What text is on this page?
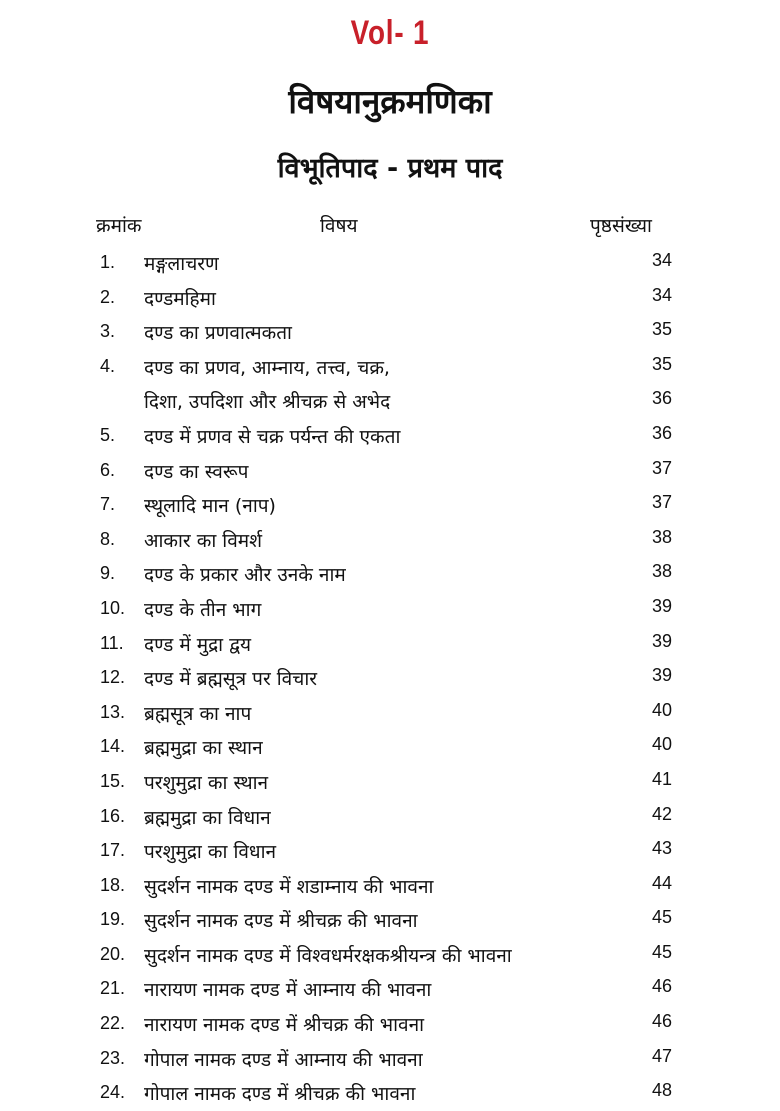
Vol- 1
विषयानुक्रमणिका
विभूतिपाद - प्रथम पाद
क्रमांक	विषय	पृष्ठसंख्या
1. मङ्गलाचरण	34
2. दण्डमहिमा	34
3. दण्ड का प्रणवात्मकता	35
4. दण्ड का प्रणव, आम्नाय, तत्त्व, चक्र,	35
दिशा, उपदिशा और श्रीचक्र से अभेद	36
5. दण्ड में प्रणव से चक्र पर्यन्त की एकता	36
6. दण्ड का स्वरूप	37
7. स्थूलादि मान (नाप)	37
8. आकार का विमर्श	38
9. दण्ड के प्रकार और उनके नाम	38
10. दण्ड के तीन भाग	39
11. दण्ड में मुद्रा द्वय	39
12. दण्ड में ब्रह्मसूत्र पर विचार	39
13. ब्रह्मसूत्र का नाप	40
14. ब्रह्ममुद्रा का स्थान	40
15. परशुमुद्रा का स्थान	41
16. ब्रह्ममुद्रा का विधान	42
17. परशुमुद्रा का विधान	43
18. सुदर्शन नामक दण्ड में शडाम्नाय की भावना	44
19. सुदर्शन नामक दण्ड में श्रीचक्र की भावना	45
20. सुदर्शन नामक दण्ड में विश्वधर्मरक्षकश्रीयन्त्र की भावना	45
21. नारायण नामक दण्ड में आम्नाय की भावना	46
22. नारायण नामक दण्ड में श्रीचक्र की भावना	46
23. गोपाल नामक दण्ड में आम्नाय की भावना	47
24. गोपाल नामक दण्ड में श्रीचक्र की भावना	48
